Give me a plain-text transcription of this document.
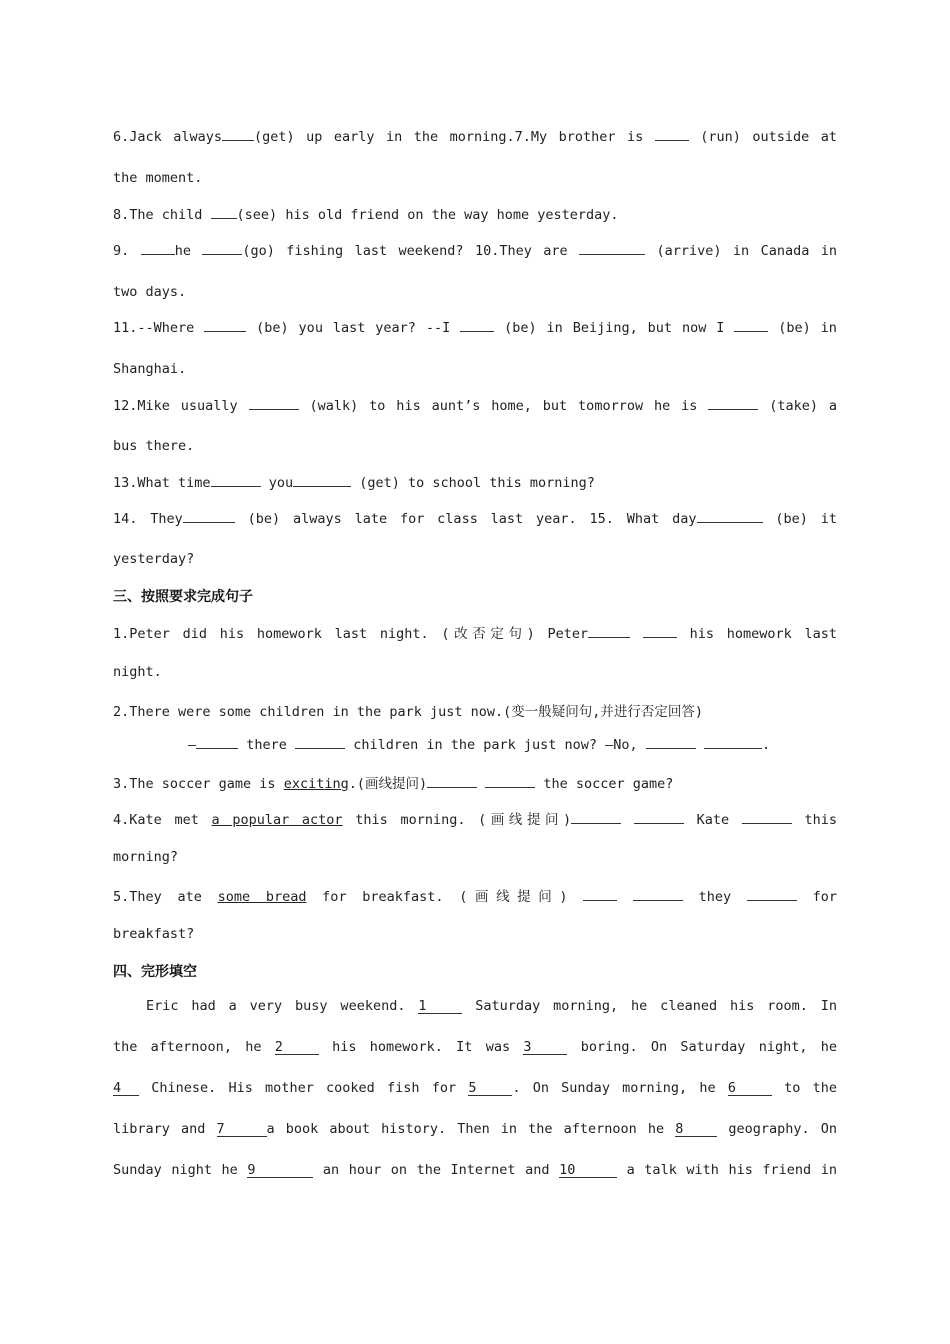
6.Jack always (get) up early in the morning.7.My brother is	(run) outside at
the moment.
8.The child	(see) his old friend on the way home yesterday.
9.	he	(go) fishing last weekend? 10.They are	(arrive) in Canada in
two days.
11.--Where	(be) you last year? --I	(be) in Beijing, but now I	(be) in
Shanghai.
12.Mike usually	(walk) to his aunt’s home, but tomorrow he is	(take) a
bus there.
13.What time	you	(get) to school this morning?
14. They	(be) always late for class last year. 15. What day	(be) it
yesterday?
三、按照要求完成句子
1.Peter did his homework last night. (改否定句) Peter	his homework last
night.
2.There were some children in the park just now.(变一般疑问句,并进行否定回答)
—	there	children in the park just now? —No,	.
3.The soccer game is exciting.(画线提问)	the soccer game?
4.Kate met a popular actor this morning. (画线提问)	Kate	this
morning?
5.They ate some bread for breakfast. (画线提问)	they	for
breakfast?
四、完形填空
Eric had a very busy weekend. 1	Saturday morning, he cleaned his room. In
the afternoon, he 2	his homework. It was 3	boring. On Saturday night, he
4 Chinese. His mother cooked fish for 5	. On Sunday morning, he 6	to the
library and 7	a book about history. Then in the afternoon he 8	geography. On
Sunday night he 9	an hour on the Internet and 10	a talk with his friend in
